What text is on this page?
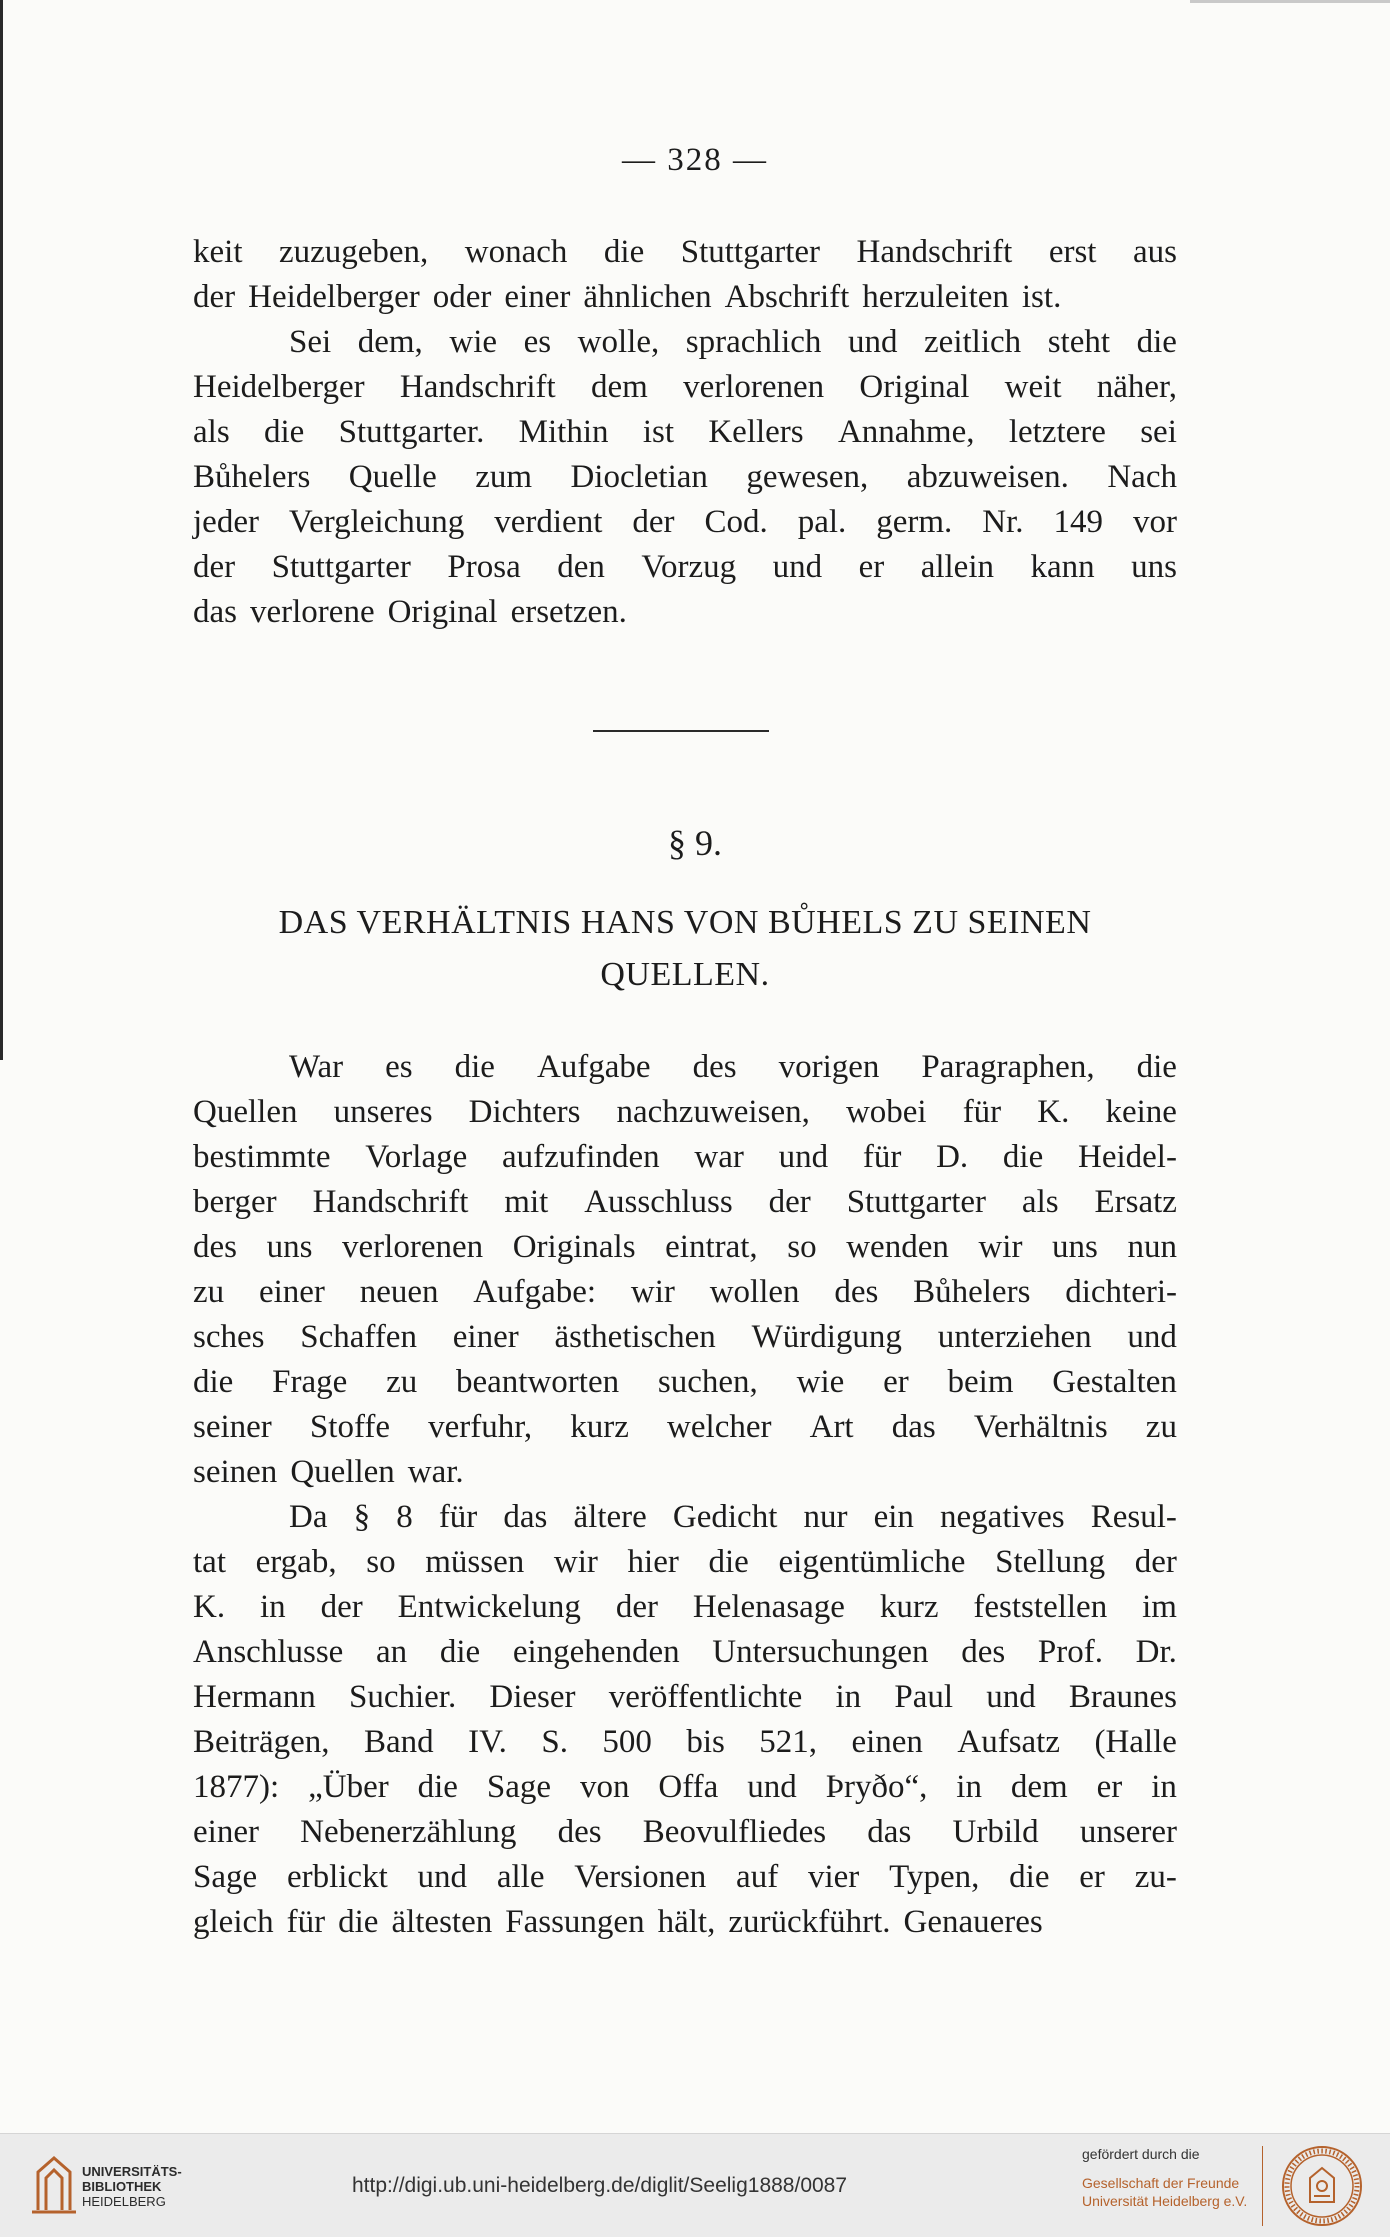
— 328 —
keit zuzugeben, wonach die Stuttgarter Handschrift erst aus
der Heidelberger oder einer ähnlichen Abschrift herzuleiten ist.
Sei dem, wie es wolle, sprachlich und zeitlich steht die
Heidelberger Handschrift dem verlorenen Original weit näher,
als die Stuttgarter. Mithin ist Kellers Annahme, letztere sei
Bůhelers Quelle zum Diocletian gewesen, abzuweisen. Nach
jeder Vergleichung verdient der Cod. pal. germ. Nr. 149 vor
der Stuttgarter Prosa den Vorzug und er allein kann uns
das verlorene Original ersetzen.
§ 9.
DAS VERHÄLTNIS HANS VON BŮHELS ZU SEINEN
QUELLEN.
War es die Aufgabe des vorigen Paragraphen, die
Quellen unseres Dichters nachzuweisen, wobei für K. keine
bestimmte Vorlage aufzufinden war und für D. die Heidel-
berger Handschrift mit Ausschluss der Stuttgarter als Ersatz
des uns verlorenen Originals eintrat, so wenden wir uns nun
zu einer neuen Aufgabe: wir wollen des Bůhelers dichteri-
sches Schaffen einer ästhetischen Würdigung unterziehen und
die Frage zu beantworten suchen, wie er beim Gestalten
seiner Stoffe verfuhr, kurz welcher Art das Verhältnis zu
seinen Quellen war.
Da § 8 für das ältere Gedicht nur ein negatives Resul-
tat ergab, so müssen wir hier die eigentümliche Stellung der
K. in der Entwickelung der Helenasage kurz feststellen im
Anschlusse an die eingehenden Untersuchungen des Prof. Dr.
Hermann Suchier. Dieser veröffentlichte in Paul und Braunes
Beiträgen, Band IV. S. 500 bis 521, einen Aufsatz (Halle
1877): „Über die Sage von Offa und Þryðo“, in dem er in
einer Nebenerzählung des Beovulfliedes das Urbild unserer
Sage erblickt und alle Versionen auf vier Typen, die er zu-
gleich für die ältesten Fassungen hält, zurückführt. Genaueres
UNIVERSITÄTS-
BIBLIOTHEK
HEIDELBERG
http://digi.ub.uni-heidelberg.de/diglit/Seelig1888/0087
gefördert durch die
Gesellschaft der Freunde
Universität Heidelberg e.V.
